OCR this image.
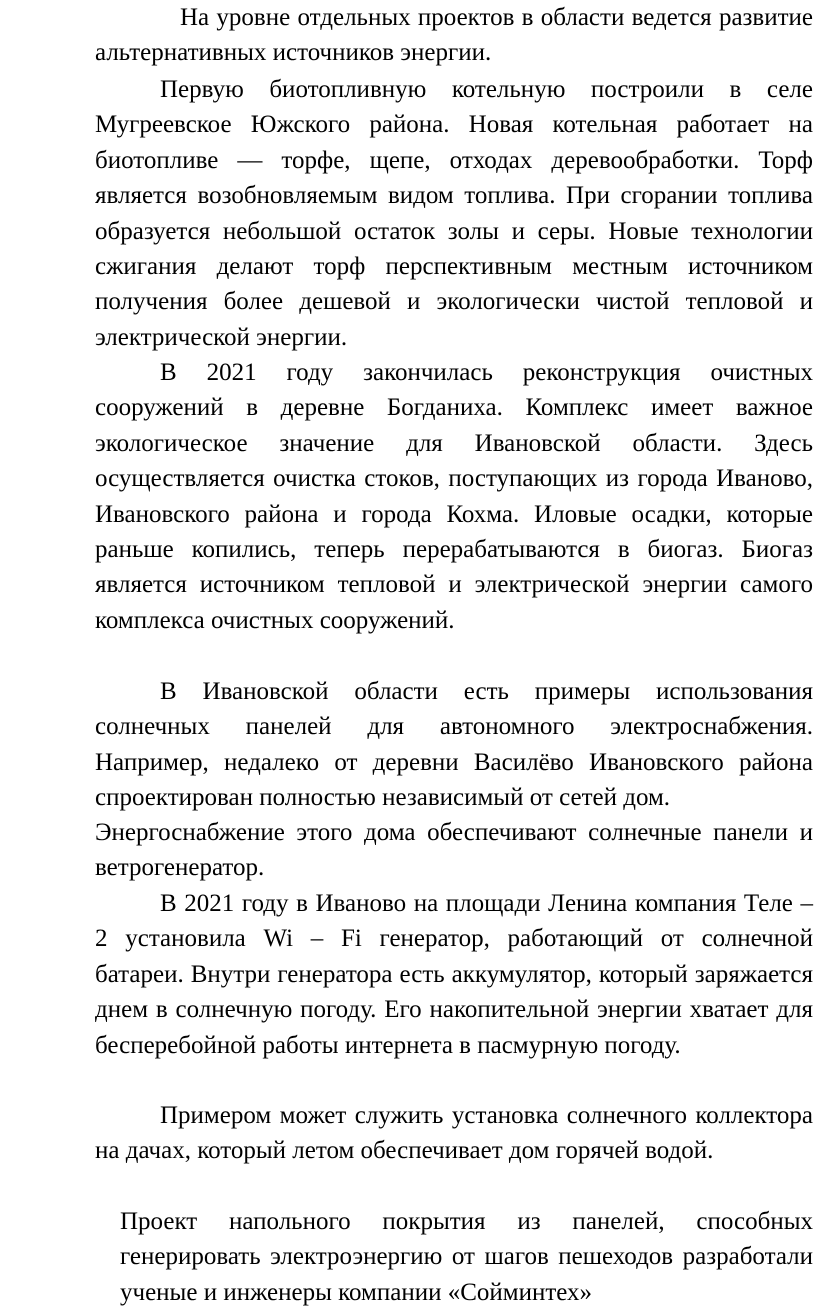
На уровне отдельных проектов в области ведется развитие альтернативных источников энергии.

Первую биотопливную котельную построили в селе Мугреевское Южского района. Новая котельная работает на биотопливе — торфе, щепе, отходах деревообработки. Торф является возобновляемым видом топлива. При сгорании топлива образуется небольшой остаток золы и серы. Новые технологии сжигания делают торф перспективным местным источником получения более дешевой и экологически чистой тепловой и электрической энергии.

В 2021 году закончилась реконструкция очистных сооружений в деревне Богданиха. Комплекс имеет важное экологическое значение для Ивановской области. Здесь осуществляется очистка стоков, поступающих из города Иваново, Ивановского района и города Кохма. Иловые осадки, которые раньше копились, теперь перерабатываются в биогаз. Биогаз является источником тепловой и электрической энергии самого комплекса очистных сооружений.

В Ивановской области есть примеры использования солнечных панелей для автономного электроснабжения. Например, недалеко от деревни Василёво Ивановского района спроектирован полностью независимый от сетей дом.

Энергоснабжение этого дома обеспечивают солнечные панели и ветрогенератор.

В 2021 году в Иваново на площади Ленина компания Теле – 2 установила Wi – Fi генератор, работающий от солнечной батареи. Внутри генератора есть аккумулятор, который заряжается днем в солнечную погоду. Его накопительной энергии хватает для бесперебойной работы интернета в пасмурную погоду.

Примером может служить установка солнечного коллектора на дачах, который летом обеспечивает дом горячей водой.

Проект напольного покрытия из панелей, способных генерировать электроэнергию от шагов пешеходов разработали ученые и инженеры компании «Сойминтех»
